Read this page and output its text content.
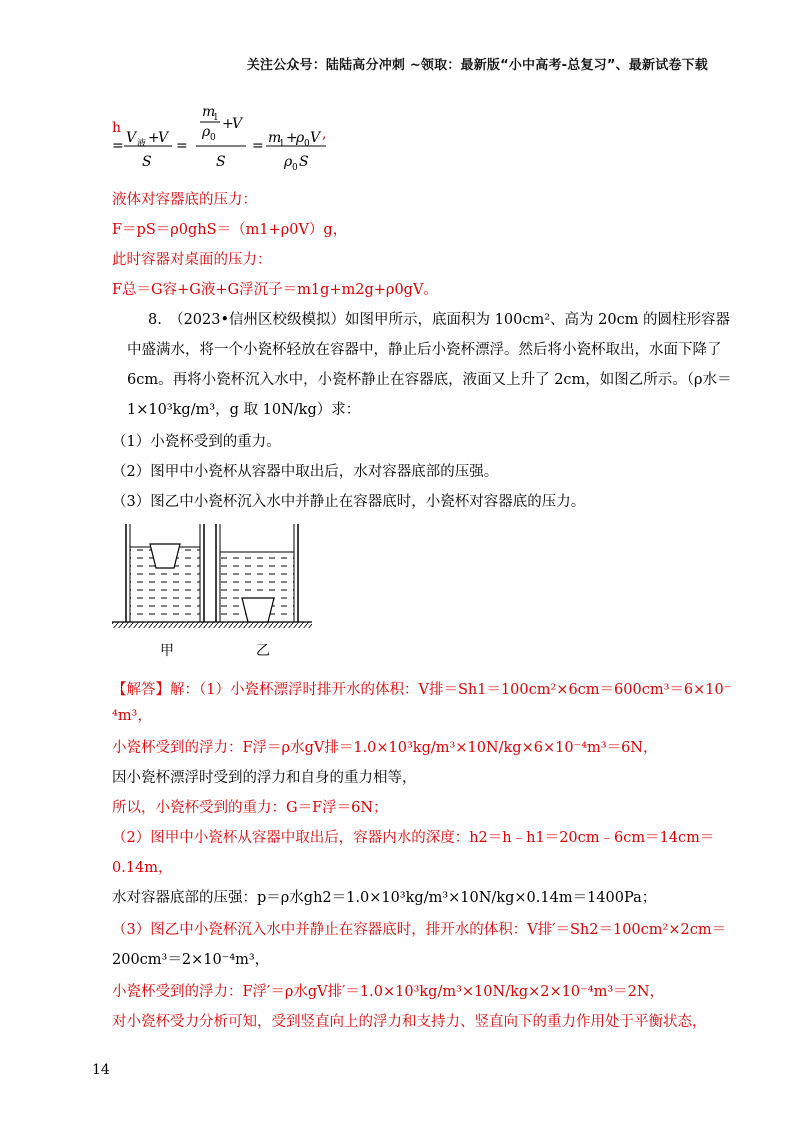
关注公众号：陆陆高分冲刺 ~领取：最新版“小中高考-总复习”、最新试卷下载
h
= V 液 +
V
S
=
m
1
ρ 0
+
V
S
= m
1 +
ρ 0 V
ρ 0 S
,
液体对容器底的压力：
F＝pS＝ρ0ghS＝（m1+ρ0V）g，
此时容器对桌面的压力：
F总＝G容+G液+G浮沉子＝m1g+m2g+ρ0gV。
8.　（2023•信州区校级模拟）如图甲所示，底面积为 100cm²、高为 20cm 的圆柱形容器
中盛满水，将一个小瓷杯轻放在容器中，静止后小瓷杯漂浮。然后将小瓷杯取出，水面下降了
6cm。再将小瓷杯沉入水中，小瓷杯静止在容器底，液面又上升了 2cm，如图乙所示。（ρ水＝
1×10³kg/m³，g 取 10N/kg）求：
（1）小瓷杯受到的重力。
（2）图甲中小瓷杯从容器中取出后，水对容器底部的压强。
（3）图乙中小瓷杯沉入水中并静止在容器底时，小瓷杯对容器底的压力。
甲	乙
【解答】解：（1）小瓷杯漂浮时排开水的体积：V排＝Sh1＝100cm²×6cm＝600cm³＝6×10⁻
⁴m³，
小瓷杯受到的浮力：F浮＝ρ水gV排＝1.0×10³kg/m³×10N/kg×6×10⁻⁴m³＝6N，
因小瓷杯漂浮时受到的浮力和自身的重力相等，
所以，小瓷杯受到的重力：G＝F浮＝6N；
（2）图甲中小瓷杯从容器中取出后，容器内水的深度：h2＝h﹣h1＝20cm﹣6cm＝14cm＝
0.14m，
水对容器底部的压强：p＝ρ水gh2＝1.0×10³kg/m³×10N/kg×0.14m＝1400Pa；
（3）图乙中小瓷杯沉入水中并静止在容器底时，排开水的体积：V排′＝Sh2＝100cm²×2cm＝
200cm³＝2×10⁻⁴m³，
小瓷杯受到的浮力：F浮′＝ρ水gV排′＝1.0×10³kg/m³×10N/kg×2×10⁻⁴m³＝2N，
对小瓷杯受力分析可知，受到竖直向上的浮力和支持力、竖直向下的重力作用处于平衡状态，
14
